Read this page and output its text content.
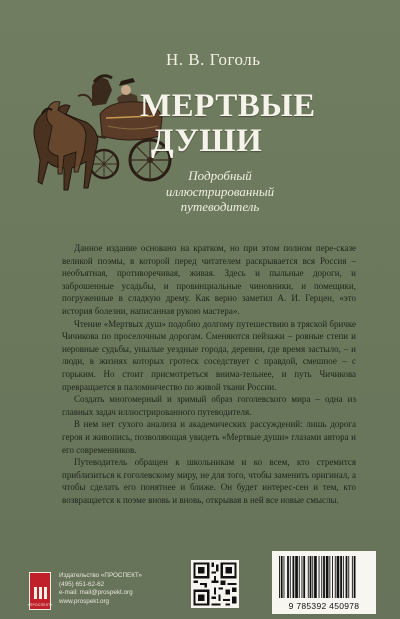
Н. В. Гоголь
МЕРТВЫЕ
ДУШИ
Подробный иллюстрированный путеводитель

Данное издание основано на кратком, но при этом полном пере-сказе великой поэмы, в которой перед читателем раскрывается вся Россия – необъятная, противоречивая, живая. Здесь и пыльные дороги, и заброшенные усадьбы, и провинциальные чиновники, и помещики, погруженные в сладкую дрему. Как верно заметил А. И. Герцен, «это история болезни, написанная рукою мастера».

Чтение «Мертвых душ» подобно долгому путешествию в тряской бричке Чичикова по проселочным дорогам. Сменяются пейзажи – ровные степи и неровные судьбы, унылые уездные города, деревни, где время застыло, – и люди, в жизнях которых гротеск соседствует с правдой, смешное – с горьким. Но стоит присмотреться внима-тельнее, и путь Чичикова превращается в паломничество по живой ткани России.

Создать многомерный и зримый образ гоголевского мира – одна из главных задач иллюстрированного путеводителя.

В нем нет сухого анализа и академических рассуждений: лишь дорога героя и живопись, позволяющая увидеть «Мертвые души» глазами автора и его современников.

Путеводитель обращен к школьникам и ко всем, кто стремится приблизиться к гоголевскому миру, не для того, чтобы заменить оригинал, а чтобы сделать его понятнее и ближе. Он будет интерес-сен и тем, кто возвращается к поэме вновь и вновь, открывая в ней все новые смыслы.

«ПРОСПЕКТ»
Издательство «ПРОСПЕКТ»
(495) 651-62-62
e-mail: mail@prospekt.org
www.prospekt.org	9 785392 450978
